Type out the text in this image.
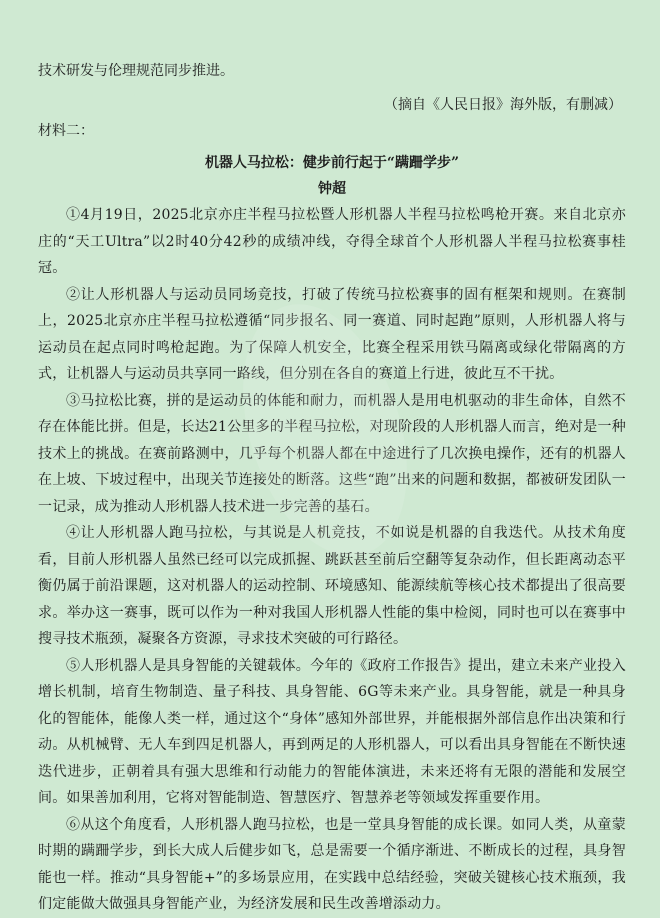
技术研发与伦理规范同步推进。
（摘自《人民日报》海外版，有删减）
材料二：
机器人马拉松：健步前行起于“蹒跚学步”
钟超

①4月19日，2025北京亦庄半程马拉松暨人形机器人半程马拉松鸣枪开赛。来自北京亦庄的“天工Ultra”以2时40分42秒的成绩冲线，夺得全球首个人形机器人半程马拉松赛事桂冠。

②让人形机器人与运动员同场竞技，打破了传统马拉松赛事的固有框架和规则。在赛制上，2025北京亦庄半程马拉松遵循“同步报名、同一赛道、同时起跑”原则，人形机器人将与运动员在起点同时鸣枪起跑。为了保障人机安全，比赛全程采用铁马隔离或绿化带隔离的方式，让机器人与运动员共享同一路线，但分别在各自的赛道上行进，彼此互不干扰。

③马拉松比赛，拼的是运动员的体能和耐力，而机器人是用电机驱动的非生命体，自然不存在体能比拼。但是，长达21公里多的半程马拉松，对现阶段的人形机器人而言，绝对是一种技术上的挑战。在赛前路测中，几乎每个机器人都在中途进行了几次换电操作，还有的机器人在上坡、下坡过程中，出现关节连接处的断落。这些“跑”出来的问题和数据，都被研发团队一一记录，成为推动人形机器人技术进一步完善的基石。

④让人形机器人跑马拉松，与其说是人机竞技，不如说是机器的自我迭代。从技术角度看，目前人形机器人虽然已经可以完成抓握、跳跃甚至前后空翻等复杂动作，但长距离动态平衡仍属于前沿课题，这对机器人的运动控制、环境感知、能源续航等核心技术都提出了很高要求。举办这一赛事，既可以作为一种对我国人形机器人性能的集中检阅，同时也可以在赛事中搜寻技术瓶颈，凝聚各方资源，寻求技术突破的可行路径。

⑤人形机器人是具身智能的关键载体。今年的《政府工作报告》提出，建立未来产业投入增长机制，培育生物制造、量子科技、具身智能、6G等未来产业。具身智能，就是一种具身化的智能体，能像人类一样，通过这个“身体”感知外部世界，并能根据外部信息作出决策和行动。从机械臂、无人车到四足机器人，再到两足的人形机器人，可以看出具身智能在不断快速迭代进步，正朝着具有强大思维和行动能力的智能体演进，未来还将有无限的潜能和发展空间。如果善加利用，它将对智能制造、智慧医疗、智慧养老等领域发挥重要作用。

⑥从这个角度看，人形机器人跑马拉松，也是一堂具身智能的成长课。如同人类，从童蒙时期的蹒跚学步，到长大成人后健步如飞，总是需要一个循序渐进、不断成长的过程，具身智能也一样。推动“具身智能+”的多场景应用，在实践中总结经验，突破关键核心技术瓶颈，我们定能做大做强具身智能产业，为经济发展和民生改善增添动力。
